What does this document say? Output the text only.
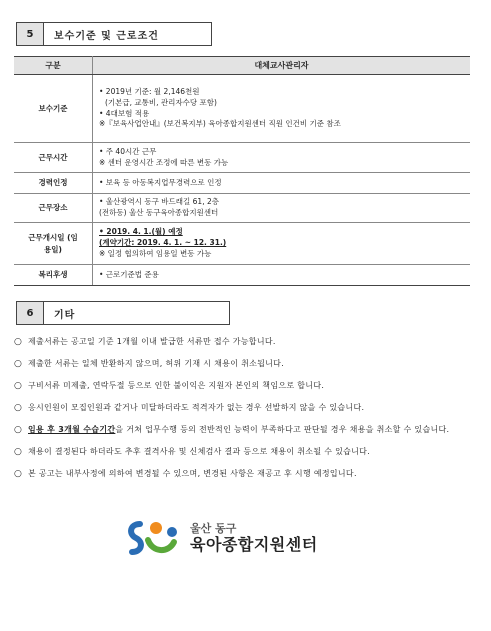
5	보수기준 및 근로조건
구분	대체교사관리자
보수기준	• 2019년 기준: 월 2,146천원
(기본급, 교통비, 관리자수당 포함)
• 4대보험 적용
※『보육사업안내』(보건복지부) 육아종합지원센터 직원 인건비 기준 참조

근무시간	• 주 40시간 근무
※ 센터 운영시간 조정에 따른 변동 가능

경력인정	• 보육 등 아동복지업무경력으로 인정

근무장소	• 울산광역시 동구 바드래길 61, 2층
(전하동) 울산 동구육아종합지원센터

근무개시일 (임용일)	• 2019. 4. 1.(월) 예정
(계약기간: 2019. 4. 1. ~ 12. 31.)
※ 일정 협의하여 임용일 변동 가능

복리후생	• 근로기준법 준용
6	기타
○ 제출서류는 공고일 기준 1개월 이내 발급한 서류만 접수 가능합니다.
○ 제출한 서류는 일체 반환하지 않으며, 허위 기재 시 채용이 취소됩니다.
○ 구비서류 미제출, 연락두절 등으로 인한 불이익은 지원자 본인의 책임으로 합니다.
○ 응시인원이 모집인원과 같거나 미달하더라도 적격자가 없는 경우 선발하지 않을 수 있습니다.
○ 임용 후 3개월 수습기간을 거쳐 업무수행 등의 전반적인 능력이 부족하다고 판단될 경우 채용을 취소할 수 있습니다.
○ 채용이 결정된다 하더라도 추후 결격사유 및 신체검사 결과 등으로 채용이 취소될 수 있습니다.
○ 본 공고는 내부사정에 의하여 변경될 수 있으며, 변경된 사항은 재공고 후 시행 예정입니다.
울산 동구
육아종합지원센터
